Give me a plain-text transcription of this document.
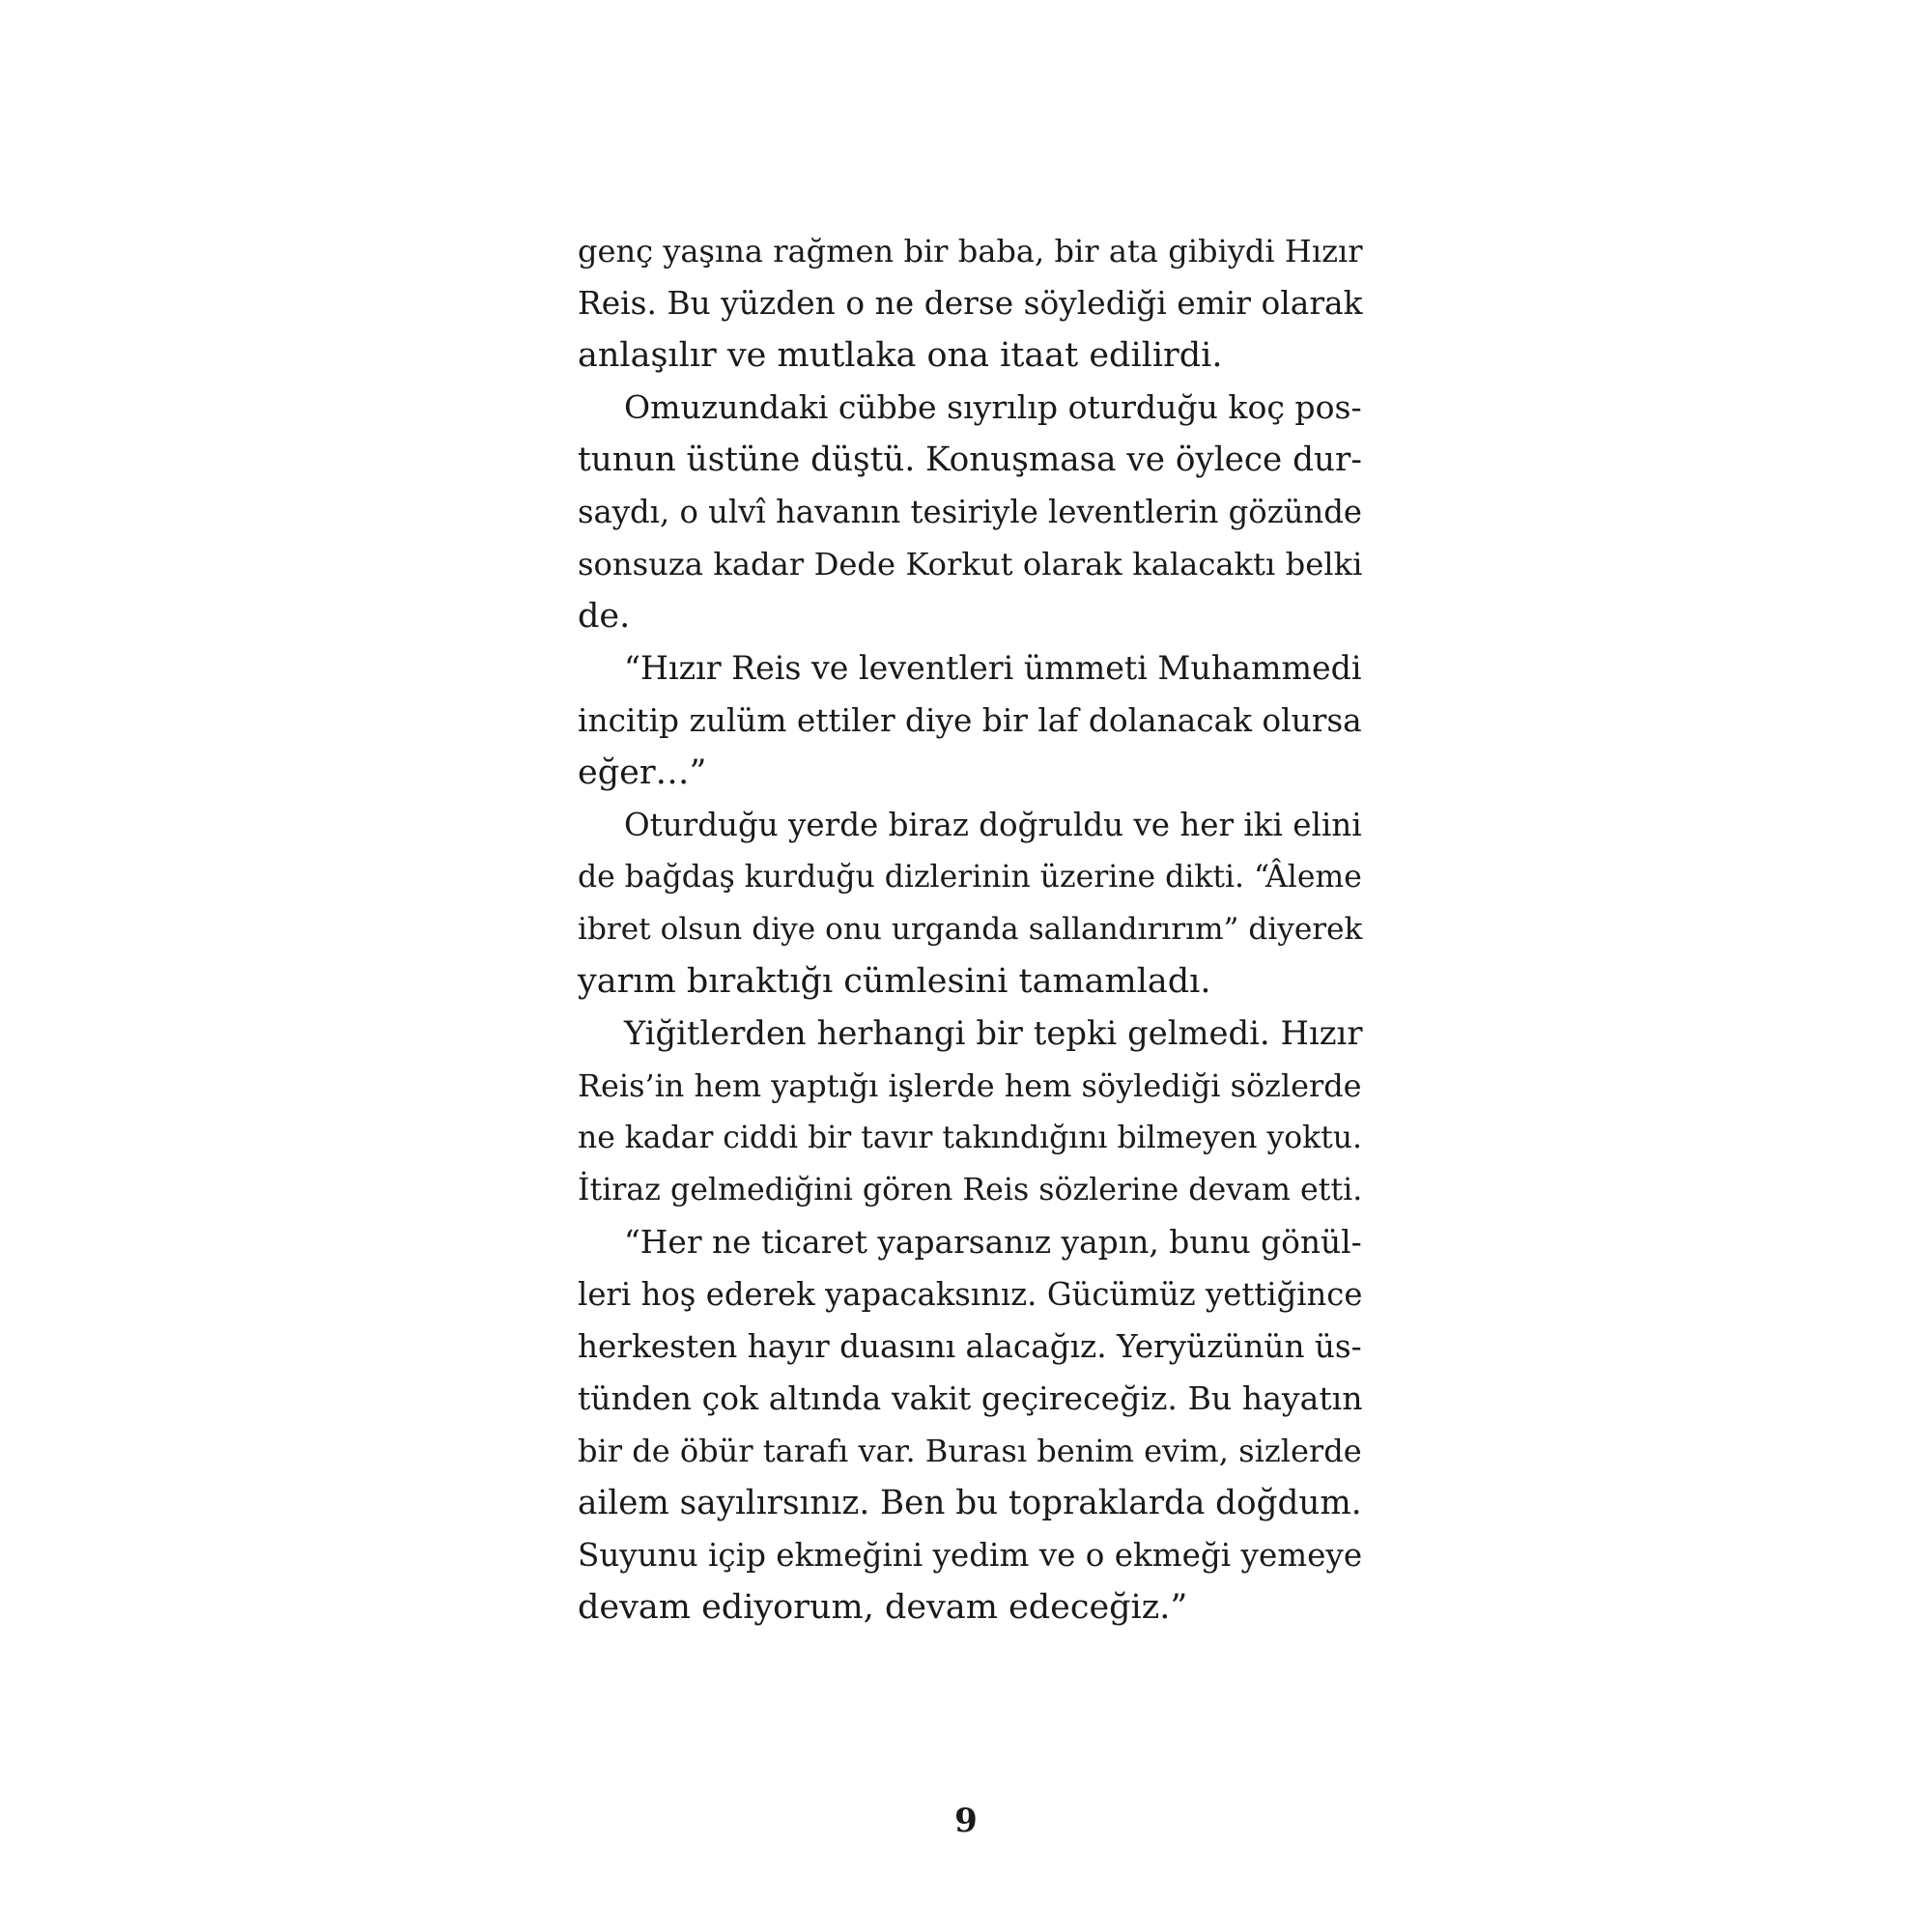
genç yaşına rağmen bir baba, bir ata gibiydi Hızır
Reis. Bu yüzden o ne derse söylediği emir olarak
anlaşılır ve mutlaka ona itaat edilirdi.
Omuzundaki cübbe sıyrılıp oturduğu koç pos-
tunun üstüne düştü. Konuşmasa ve öylece dur-
saydı, o ulvî havanın tesiriyle leventlerin gözünde
sonsuza kadar Dede Korkut olarak kalacaktı belki
de.
“Hızır Reis ve leventleri ümmeti Muhammedi
incitip zulüm ettiler diye bir laf dolanacak olursa
eğer…”
Oturduğu yerde biraz doğruldu ve her iki elini
de bağdaş kurduğu dizlerinin üzerine dikti. “Âleme
ibret olsun diye onu urganda sallandırırım” diyerek
yarım bıraktığı cümlesini tamamladı.
Yiğitlerden herhangi bir tepki gelmedi. Hızır
Reis’in hem yaptığı işlerde hem söylediği sözlerde
ne kadar ciddi bir tavır takındığını bilmeyen yoktu.
İtiraz gelmediğini gören Reis sözlerine devam etti.
“Her ne ticaret yaparsanız yapın, bunu gönül-
leri hoş ederek yapacaksınız. Gücümüz yettiğince
herkesten hayır duasını alacağız. Yeryüzünün üs-
tünden çok altında vakit geçireceğiz. Bu hayatın
bir de öbür tarafı var. Burası benim evim, sizlerde
ailem sayılırsınız. Ben bu topraklarda doğdum.
Suyunu içip ekmeğini yedim ve o ekmeği yemeye
devam ediyorum, devam edeceğiz.”
9
